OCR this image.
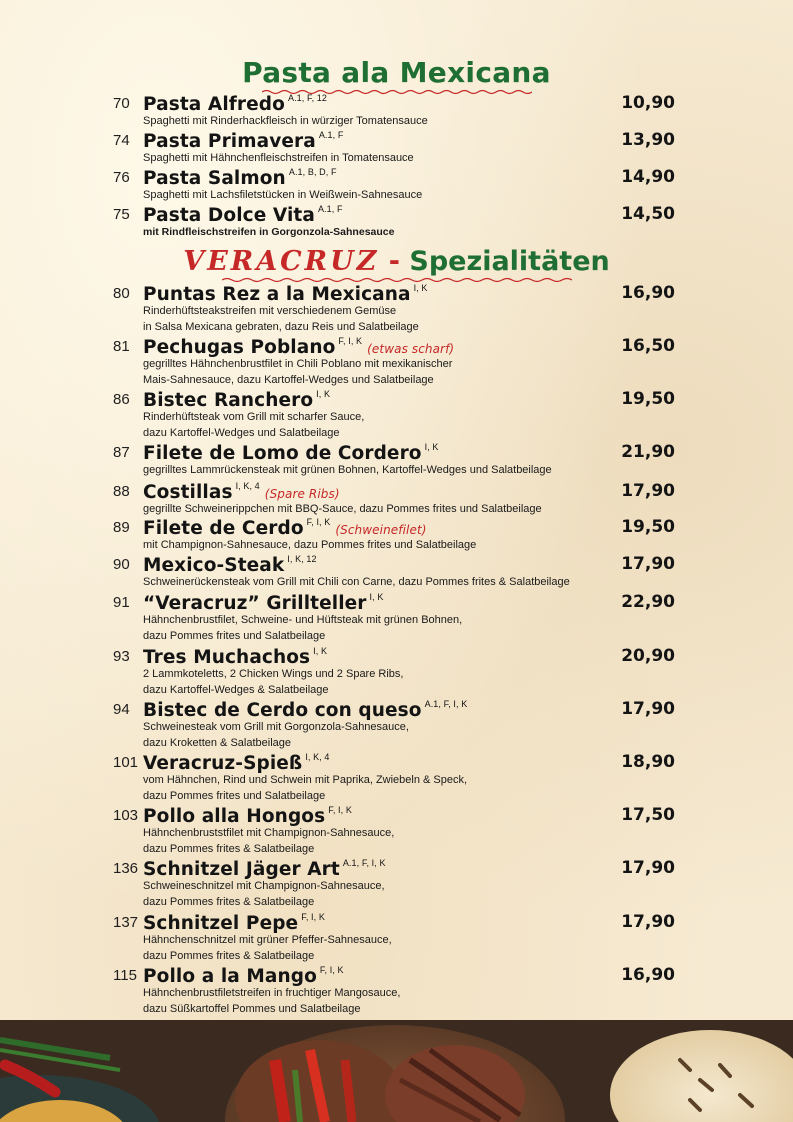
Pasta ala Mexicana
VERACRUZ - Spezialitäten
70 Pasta Alfredo $^{A.1, F, 12}$	10,90
Spaghetti mit Rinderhackfleisch in würziger Tomatensauce
74 Pasta Primavera $^{A.1, F}$	13,90
Spaghetti mit Hähnchenfleischstreifen in Tomatensauce
76 Pasta Salmon $^{A.1, B, D, F}$	14,90
Spaghetti mit Lachsfiletstücken in Weißwein-Sahnesauce
75 Pasta Dolce Vita $^{A.1, F}$	14,50
mit Rindfleischstreifen in Gorgonzola-Sahnesauce
80 Puntas Rez a la Mexicana $^{I, K}$	16,90
Rinderhüftsteakstreifen mit verschiedenem Gemüse
in Salsa Mexicana gebraten, dazu Reis und Salatbeilage
81 Pechugas Poblano $^{F, I, K}$(etwas scharf)	16,50
gegrilltes Hähnchenbrustfilet in Chili Poblano mit mexikanischer
Mais-Sahnesauce, dazu Kartoffel-Wedges und Salatbeilage
86 Bistec Ranchero $^{I, K}$	19,50
Rinderhüftsteak vom Grill mit scharfer Sauce,
dazu Kartoffel-Wedges und Salatbeilage
87 Filete de Lomo de Cordero $^{I, K}$	21,90
gegrilltes Lammrückensteak mit grünen Bohnen, Kartoffel-Wedges und Salatbeilage
88 Costillas $^{I, K, 4}$(Spare Ribs)	17,90
gegrillte Schweinerippchen mit BBQ-Sauce, dazu Pommes frites und Salatbeilage
89 Filete de Cerdo $^{F, I, K}$(Schweinefilet)	19,50
mit Champignon-Sahnesauce, dazu Pommes frites und Salatbeilage
90 Mexico-Steak $^{I, K, 12}$	17,90
Schweinerückensteak vom Grill mit Chili con Carne, dazu Pommes frites & Salatbeilage
91 “Veracruz” Grillteller $^{I, K}$	22,90
Hähnchenbrustfilet, Schweine- und Hüftsteak mit grünen Bohnen,
dazu Pommes frites und Salatbeilage
93 Tres Muchachos $^{I, K}$	20,90
2 Lammkoteletts, 2 Chicken Wings und 2 Spare Ribs,
dazu Kartoffel-Wedges & Salatbeilage
94 Bistec de Cerdo con queso $^{A.1, F, I, K}$	17,90
Schweinesteak vom Grill mit Gorgonzola-Sahnesauce,
dazu Kroketten & Salatbeilage
101 Veracruz-Spieß $^{I, K, 4}$	18,90
vom Hähnchen, Rind und Schwein mit Paprika, Zwiebeln & Speck,
dazu Pommes frites und Salatbeilage
103 Pollo alla Hongos $^{F, I, K}$	17,50
Hähnchenbruststfilet mit Champignon-Sahnesauce,
dazu Pommes frites & Salatbeilage
136 Schnitzel Jäger Art $^{A.1, F, I, K}$	17,90
Schweineschnitzel mit Champignon-Sahnesauce,
dazu Pommes frites & Salatbeilage
137 Schnitzel Pepe $^{F, I, K}$	17,90
Hähnchenschnitzel mit grüner Pfeffer-Sahnesauce,
dazu Pommes frites & Salatbeilage
115 Pollo a la Mango $^{F, I, K}$	16,90
Hähnchenbrustfiletstreifen in fruchtiger Mangosauce,
dazu Süßkartoffel Pommes und Salatbeilage
